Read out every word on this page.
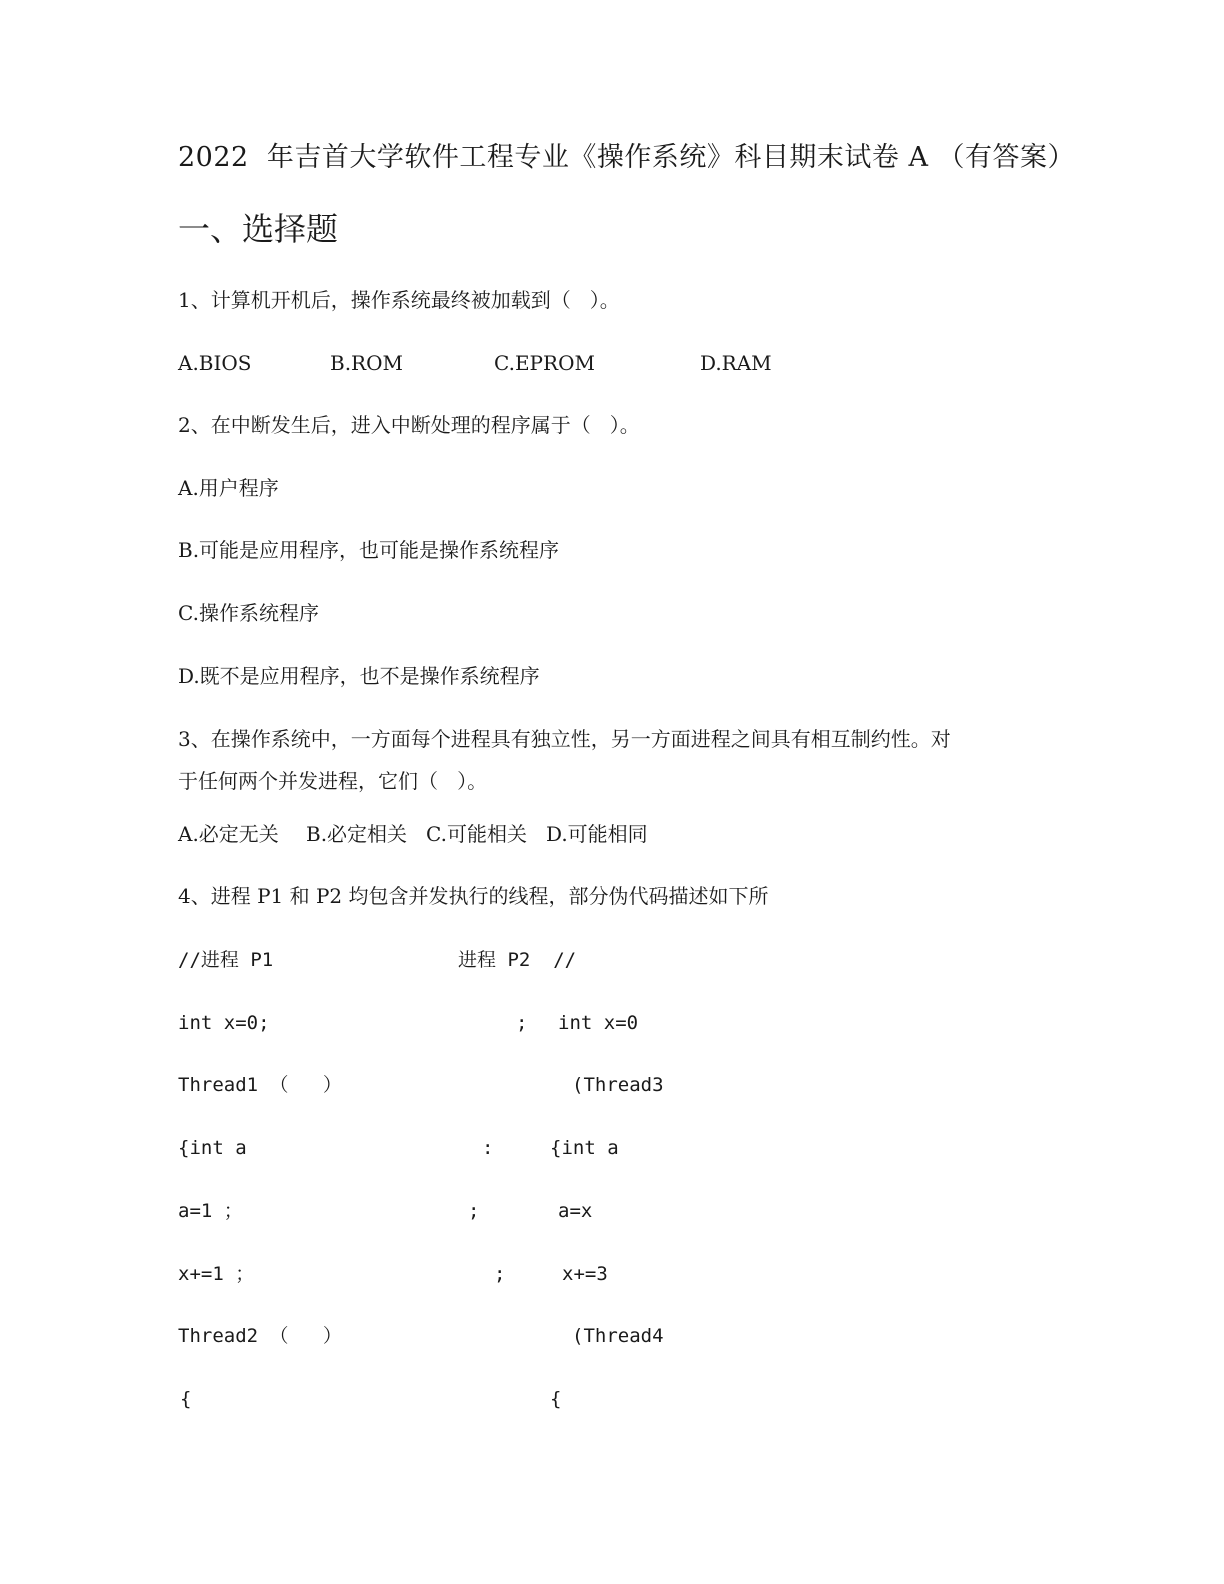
2022  年吉首大学软件工程专业《操作系统》科目期末试卷 A （有答案）
一、选择题
1、计算机开机后，操作系统最终被加载到（   ）。
A.BIOS	B.ROM	C.EPROM	D.RAM
2、在中断发生后，进入中断处理的程序属于（   ）。
A.用户程序
B.可能是应用程序，也可能是操作系统程序
C.操作系统程序
D.既不是应用程序，也不是操作系统程序
3、在操作系统中，一方面每个进程具有独立性，另一方面进程之间具有相互制约性。对
于任何两个并发进程，它们（   ）。
A.必定无关 B.必定相关 C.可能相关 D.可能相同
4、进程 P1 和 P2 均包含并发执行的线程，部分伪代码描述如下所
//进程 P1	进程 P2  //
int x=0;	; int x=0
Thread1 （   ）	(Thread3
{int a	:	{int a
a=1 ；	;	a=x
x+=1 ；	;	x+=3
Thread2 （   ）	(Thread4
{	{
